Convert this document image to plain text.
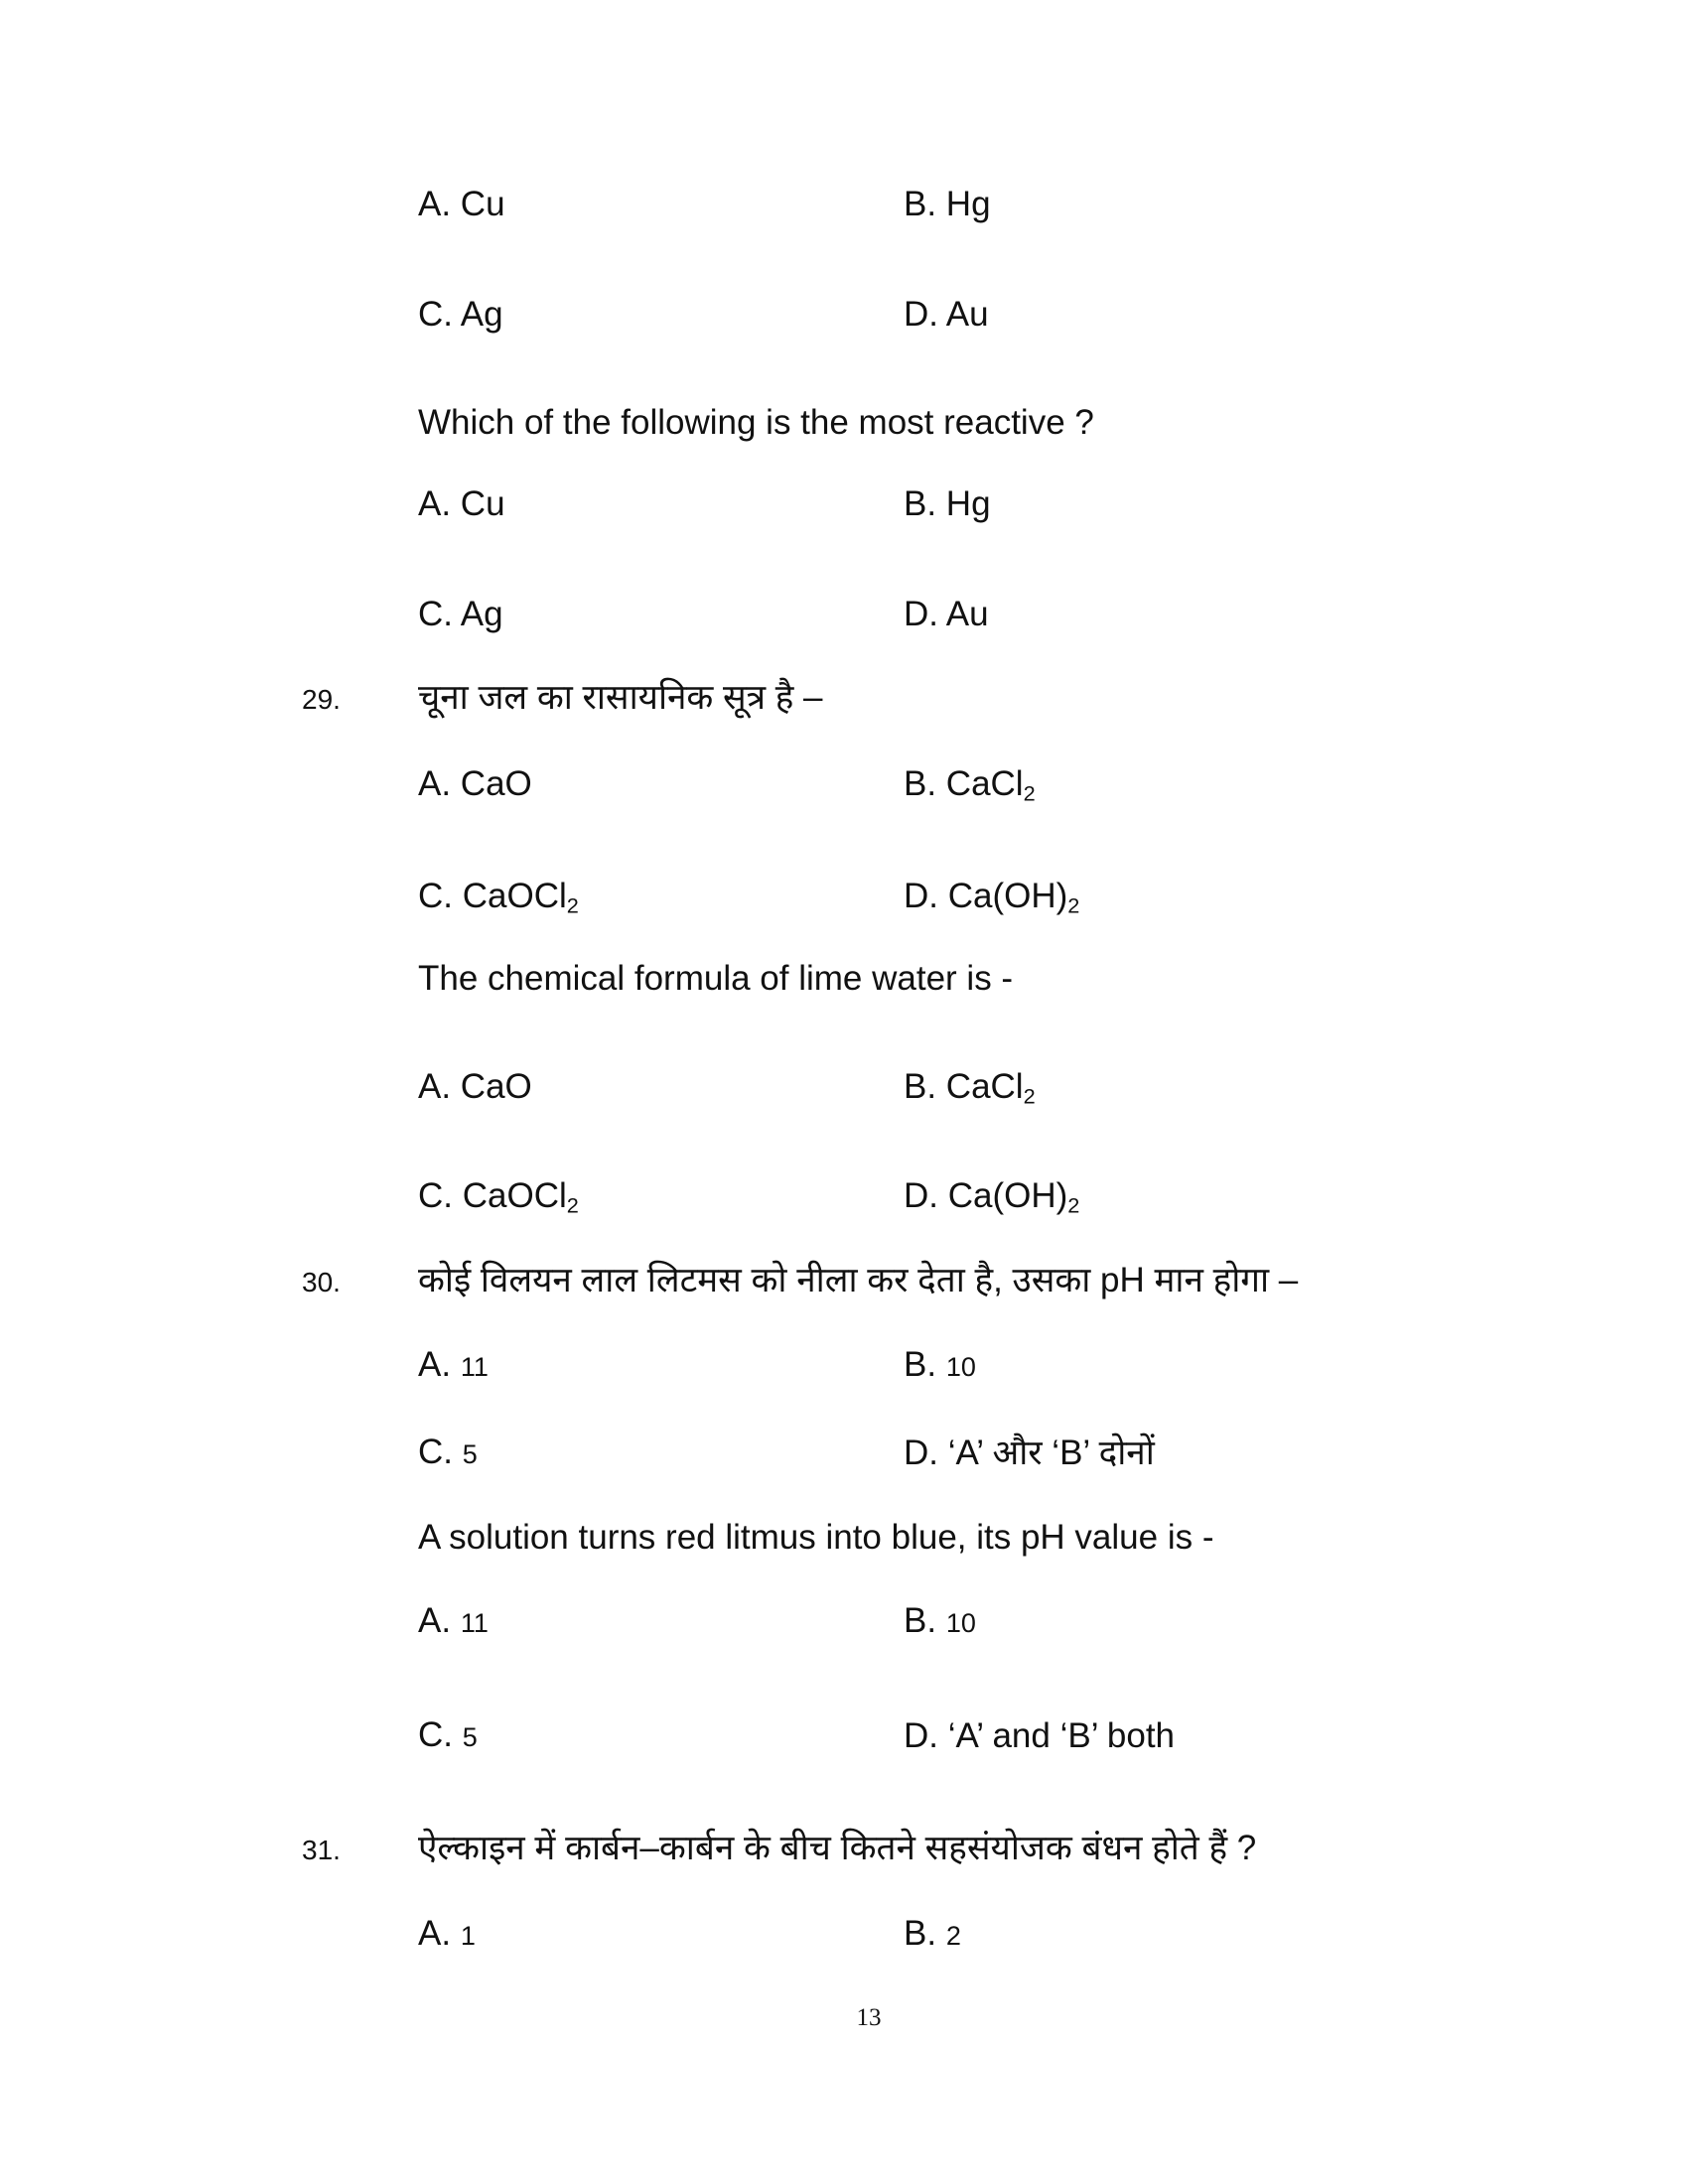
A. Cu	B. Hg
C. Ag	D. Au
Which of the following is the most reactive ?
A. Cu	B. Hg
C. Ag	D. Au
29. चूना जल का रासायनिक सूत्र है –
A. CaO	B. CaCl$_2$
C. CaOCl$_2$	D. $Ca(OH)_2$
The chemical formula of lime water is -
A. CaO	B. CaCl$_2$
C. CaOCl$_2$	D. $Ca(OH)_2$
30. कोई विलयन लाल लिटमस को नीला कर देता है, उसका pH मान होगा –
A. 11	B. 10
C. 5	D. ‘A’ और ‘B’ दोनों
A solution turns red litmus into blue, its pH value is -
A. 11	B. 10
C. 5	D. ‘A’ and ‘B’ both
31. ऐल्काइन में कार्बन–कार्बन के बीच कितने सहसंयोजक बंधन होते हैं ?
A. 1	B. 2
13
